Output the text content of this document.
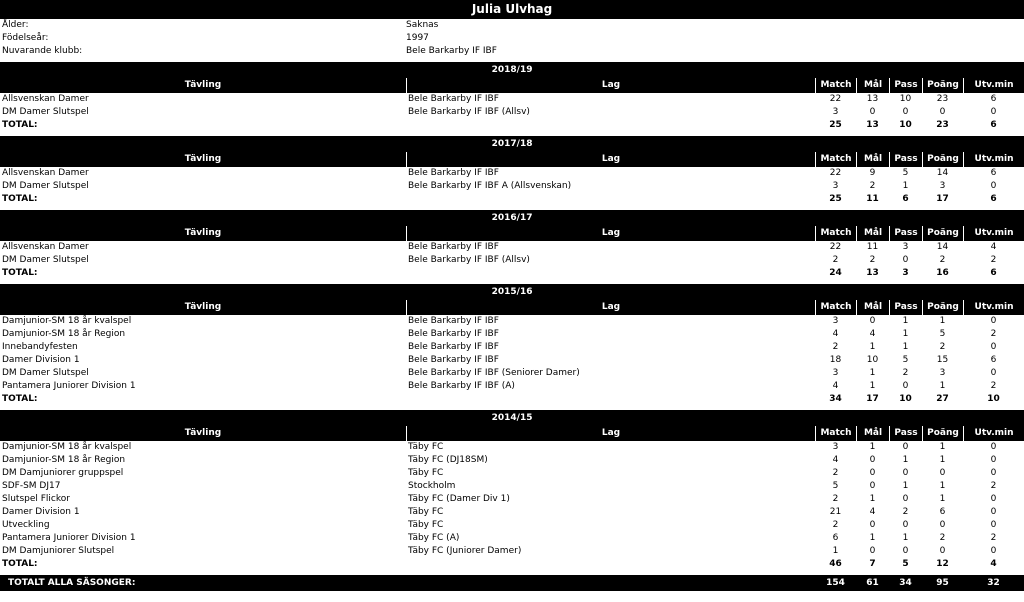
Julia Ulvhag						
Ålder:	Saknas					
Födelseår:	1997					
Nuvarande klubb:	Bele Barkarby IF IBF					

2018/19						
Tävling	Lag	Match	Mål	Pass	Poäng	Utv.min
Allsvenskan Damer	Bele Barkarby IF IBF	22	13	10	23	6
DM Damer Slutspel	Bele Barkarby IF IBF (Allsv)	3	0	0	0	0
TOTAL:		25	13	10	23	6

2017/18						
Tävling	Lag	Match	Mål	Pass	Poäng	Utv.min
Allsvenskan Damer	Bele Barkarby IF IBF	22	9	5	14	6
DM Damer Slutspel	Bele Barkarby IF IBF A (Allsvenskan)	3	2	1	3	0
TOTAL:		25	11	6	17	6

2016/17						
Tävling	Lag	Match	Mål	Pass	Poäng	Utv.min
Allsvenskan Damer	Bele Barkarby IF IBF	22	11	3	14	4
DM Damer Slutspel	Bele Barkarby IF IBF (Allsv)	2	2	0	2	2
TOTAL:		24	13	3	16	6

2015/16						
Tävling	Lag	Match	Mål	Pass	Poäng	Utv.min
Damjunior-SM 18 år kvalspel	Bele Barkarby IF IBF	3	0	1	1	0
Damjunior-SM 18 år Region	Bele Barkarby IF IBF	4	4	1	5	2
Innebandyfesten	Bele Barkarby IF IBF	2	1	1	2	0
Damer Division 1	Bele Barkarby IF IBF	18	10	5	15	6
DM Damer Slutspel	Bele Barkarby IF IBF (Seniorer Damer)	3	1	2	3	0
Pantamera Juniorer Division 1	Bele Barkarby IF IBF (A)	4	1	0	1	2
TOTAL:		34	17	10	27	10

2014/15						
Tävling	Lag	Match	Mål	Pass	Poäng	Utv.min
Damjunior-SM 18 år kvalspel	Täby FC	3	1	0	1	0
Damjunior-SM 18 år Region	Täby FC (DJ18SM)	4	0	1	1	0
DM Damjuniorer gruppspel	Täby FC	2	0	0	0	0
SDF-SM DJ17	Stockholm	5	0	1	1	2
Slutspel Flickor	Täby FC (Damer Div 1)	2	1	0	1	0
Damer Division 1	Täby FC	21	4	2	6	0
Utveckling	Täby FC	2	0	0	0	0
Pantamera Juniorer Division 1	Täby FC (A)	6	1	1	2	2
DM Damjuniorer Slutspel	Täby FC (Juniorer Damer)	1	0	0	0	0
TOTAL:		46	7	5	12	4

TOTALT ALLA SÄSONGER:		154	61	34	95	32
